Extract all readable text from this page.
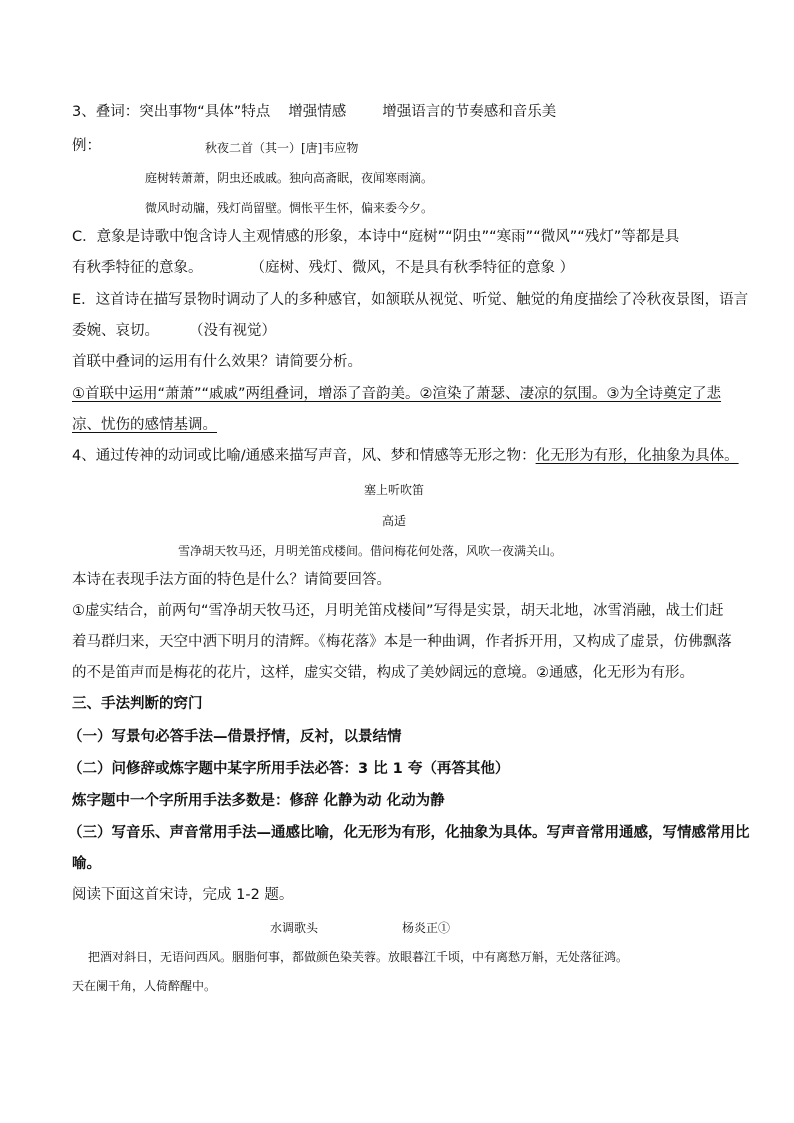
3、叠词：突出事物“具体”特点 增强情感 增强语言的节奏感和音乐美
例：	秋夜二首（其一）[唐]韦应物
庭树转萧萧，阴虫还戚戚。独向高斋眠，夜闻寒雨滴。
微风时动牖，残灯尚留壁。惆怅平生怀，偏来委今夕。
C．意象是诗歌中饱含诗人主观情感的形象，本诗中“庭树”“阴虫”“寒雨”“微风”“残灯”等都是具
有秋季特征的意象。	（庭树、残灯、微风，不是具有秋季特征的意象 ）
E．这首诗在描写景物时调动了人的多种感官，如颔联从视觉、听觉、触觉的角度描绘了冷秋夜景图，语言
委婉、哀切。 （没有视觉）
首联中叠词的运用有什么效果？请简要分析。
①首联中运用“萧萧”“戚戚”两组叠词，增添了音韵美。②渲染了萧瑟、凄凉的氛围。③为全诗奠定了悲
凉、忧伤的感情基调。
4、通过传神的动词或比喻/通感来描写声音，风、梦和情感等无形之物：化无形为有形，化抽象为具体。
塞上听吹笛
高适
雪净胡天牧马还，月明羌笛戍楼间。借问梅花何处落，风吹一夜满关山。
本诗在表现手法方面的特色是什么？请简要回答。
①虚实结合，前两句“雪净胡天牧马还，月明羌笛戍楼间”写得是实景，胡天北地，冰雪消融，战士们赶
着马群归来，天空中洒下明月的清辉。《梅花落》本是一种曲调，作者拆开用，又构成了虚景，仿佛飘落
的不是笛声而是梅花的花片，这样，虚实交错，构成了美妙阔远的意境。②通感，化无形为有形。
三、手法判断的窍门
（一）写景句必答手法—借景抒情，反衬，以景结情
（二）问修辞或炼字题中某字所用手法必答：3 比 1 夸（再答其他）
炼字题中一个字所用手法多数是：修辞 化静为动 化动为静
（三）写音乐、声音常用手法—通感比喻，化无形为有形，化抽象为具体。写声音常用通感，写情感常用比
喻。
阅读下面这首宋诗，完成 1-2 题。
水调歌头	杨炎正①
把酒对斜日，无语问西风。胭脂何事，都做颜色染芙蓉。放眼暮江千顷，中有离愁万斛，无处落征鸿。
天在阑干角，人倚醉醒中。
